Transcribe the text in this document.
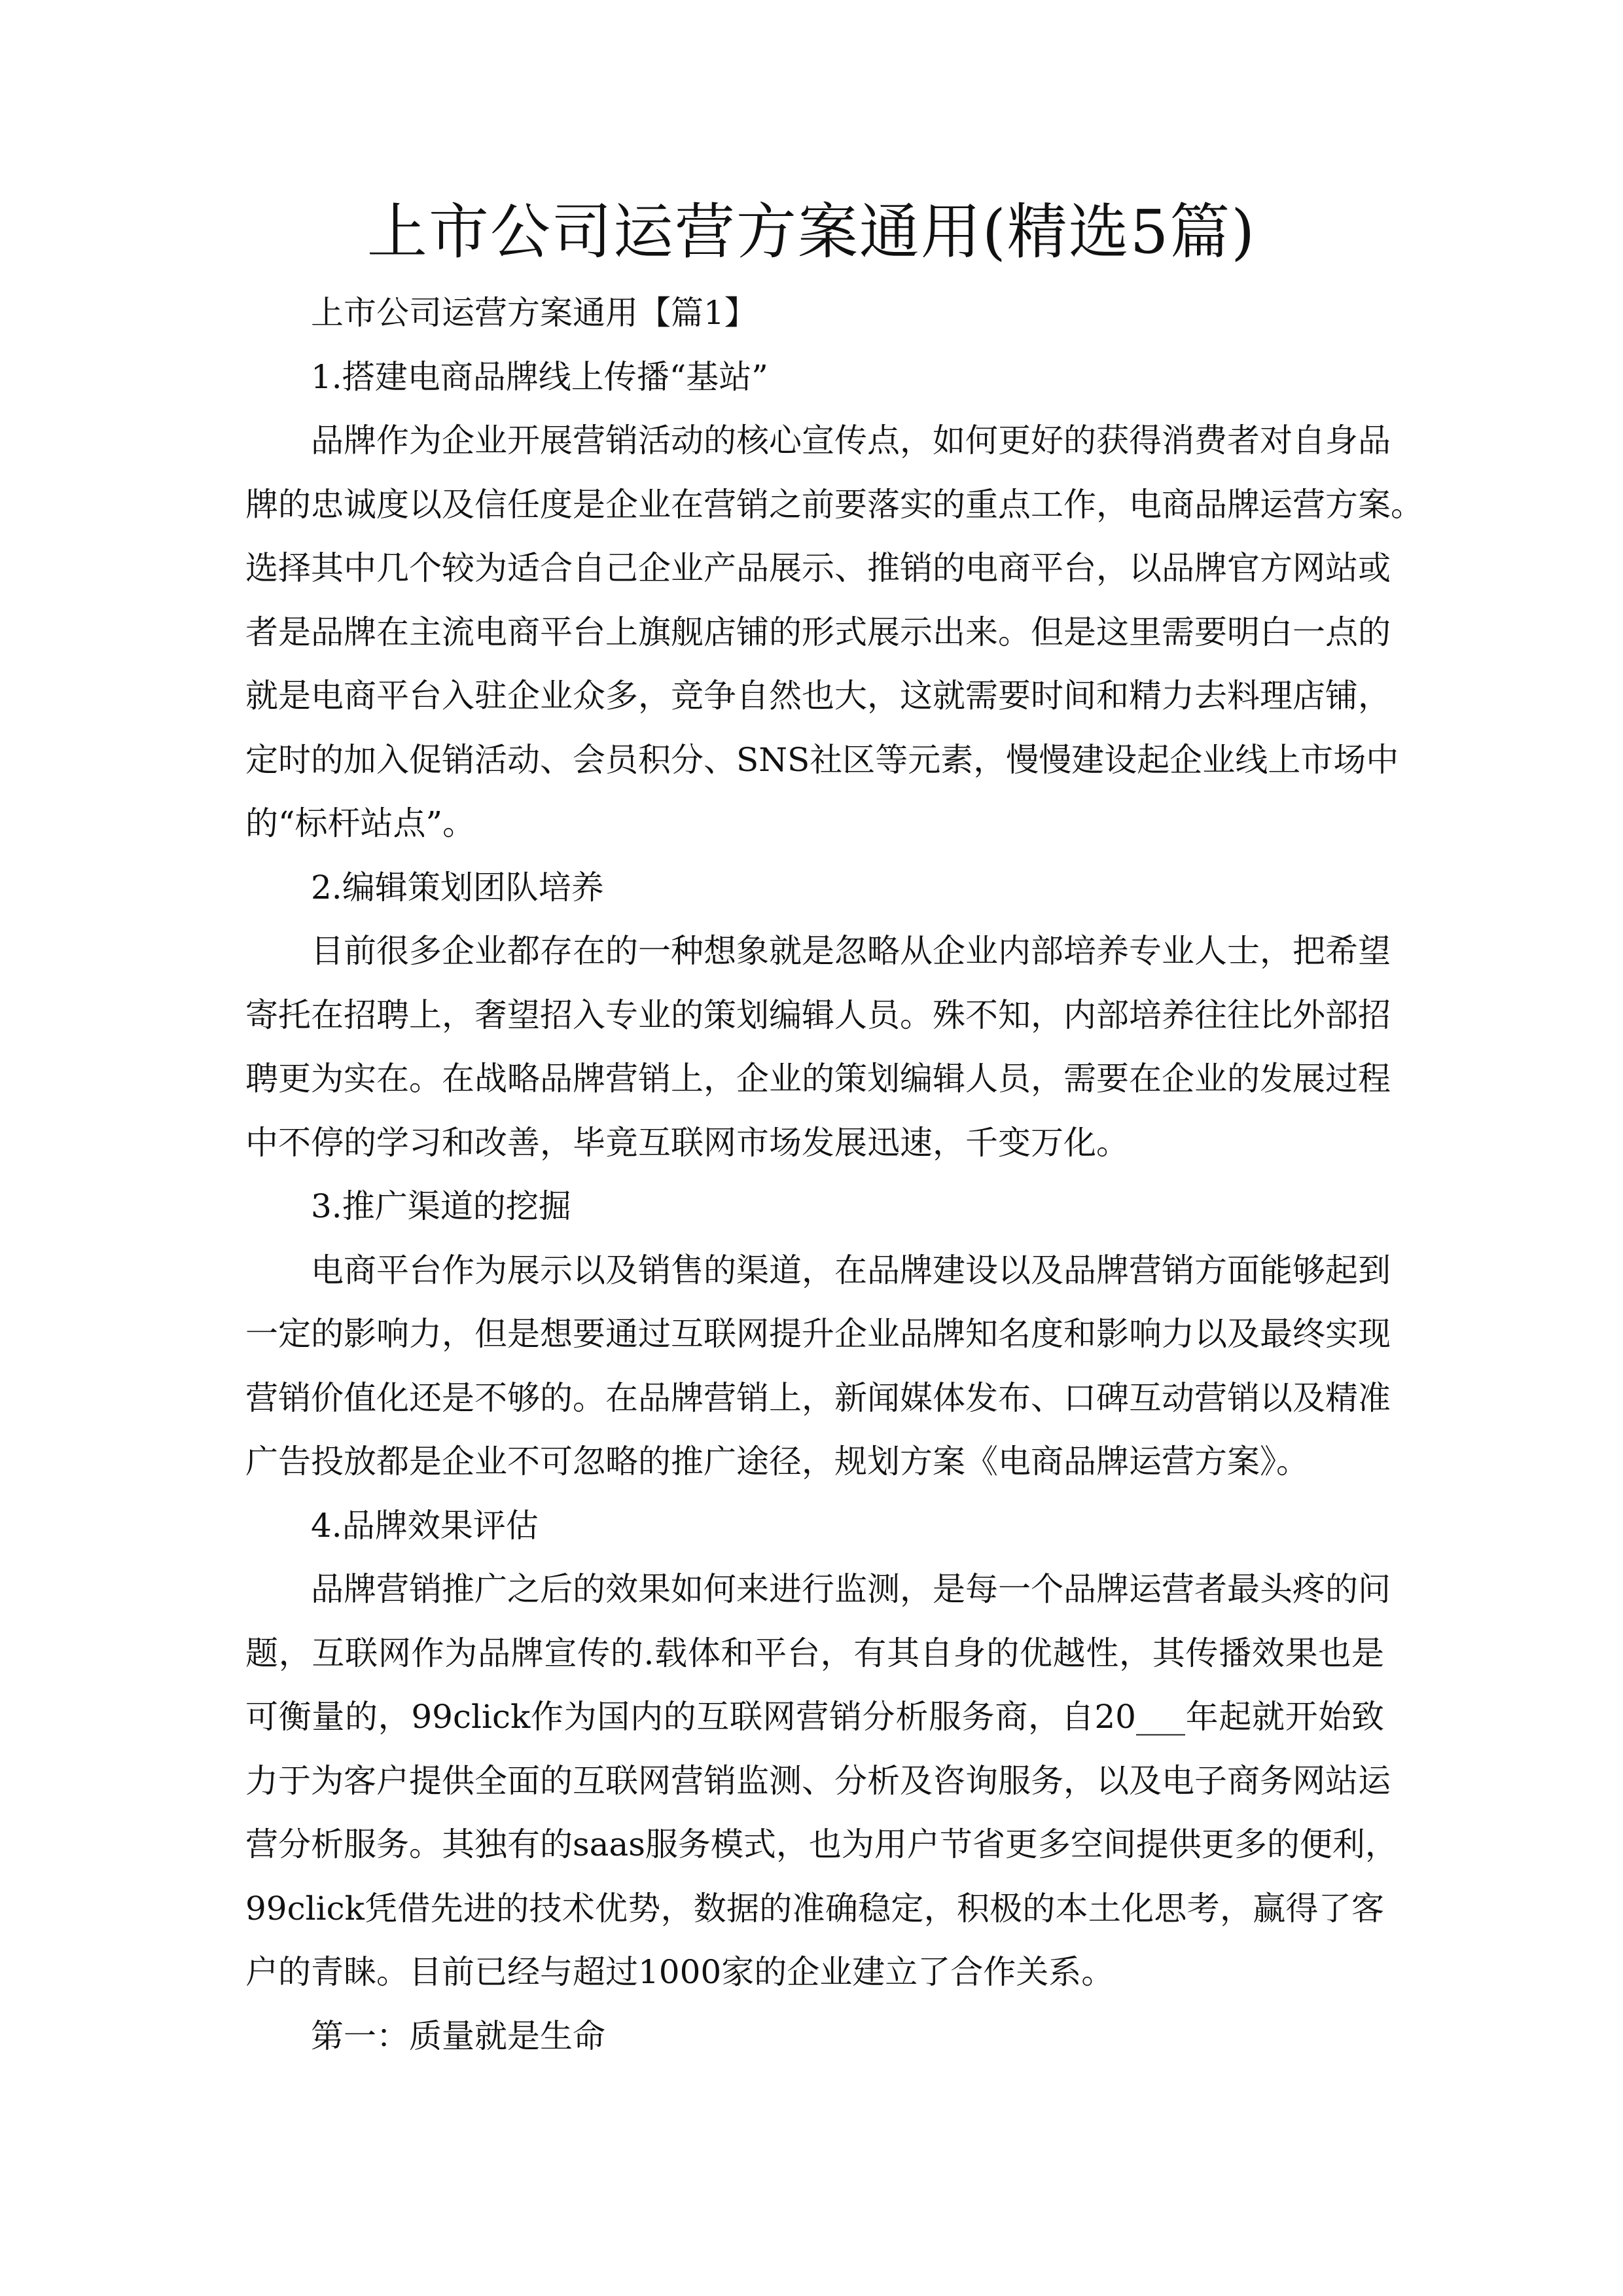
上市公司运营方案通用(精选5篇)
上市公司运营方案通用【篇1】
1.搭建电商品牌线上传播“基站”
品牌作为企业开展营销活动的核心宣传点，如何更好的获得消费者对自身品
牌的忠诚度以及信任度是企业在营销之前要落实的重点工作，电商品牌运营方案。
选择其中几个较为适合自己企业产品展示、推销的电商平台，以品牌官方网站或
者是品牌在主流电商平台上旗舰店铺的形式展示出来。但是这里需要明白一点的
就是电商平台入驻企业众多，竞争自然也大，这就需要时间和精力去料理店铺，
定时的加入促销活动、会员积分、SNS社区等元素，慢慢建设起企业线上市场中
的“标杆站点”。
2.编辑策划团队培养
目前很多企业都存在的一种想象就是忽略从企业内部培养专业人士，把希望
寄托在招聘上，奢望招入专业的策划编辑人员。殊不知，内部培养往往比外部招
聘更为实在。在战略品牌营销上，企业的策划编辑人员，需要在企业的发展过程
中不停的学习和改善，毕竟互联网市场发展迅速，千变万化。
3.推广渠道的挖掘
电商平台作为展示以及销售的渠道，在品牌建设以及品牌营销方面能够起到
一定的影响力，但是想要通过互联网提升企业品牌知名度和影响力以及最终实现
营销价值化还是不够的。在品牌营销上，新闻媒体发布、口碑互动营销以及精准
广告投放都是企业不可忽略的推广途径，规划方案《电商品牌运营方案》。
4.品牌效果评估
品牌营销推广之后的效果如何来进行监测，是每一个品牌运营者最头疼的问
题，互联网作为品牌宣传的.载体和平台，有其自身的优越性，其传播效果也是
可衡量的，99click作为国内的互联网营销分析服务商，自20___年起就开始致
力于为客户提供全面的互联网营销监测、分析及咨询服务，以及电子商务网站运
营分析服务。其独有的saas服务模式，也为用户节省更多空间提供更多的便利，
99click凭借先进的技术优势，数据的准确稳定，积极的本土化思考，赢得了客
户的青睐。目前已经与超过1000家的企业建立了合作关系。
第一：质量就是生命
